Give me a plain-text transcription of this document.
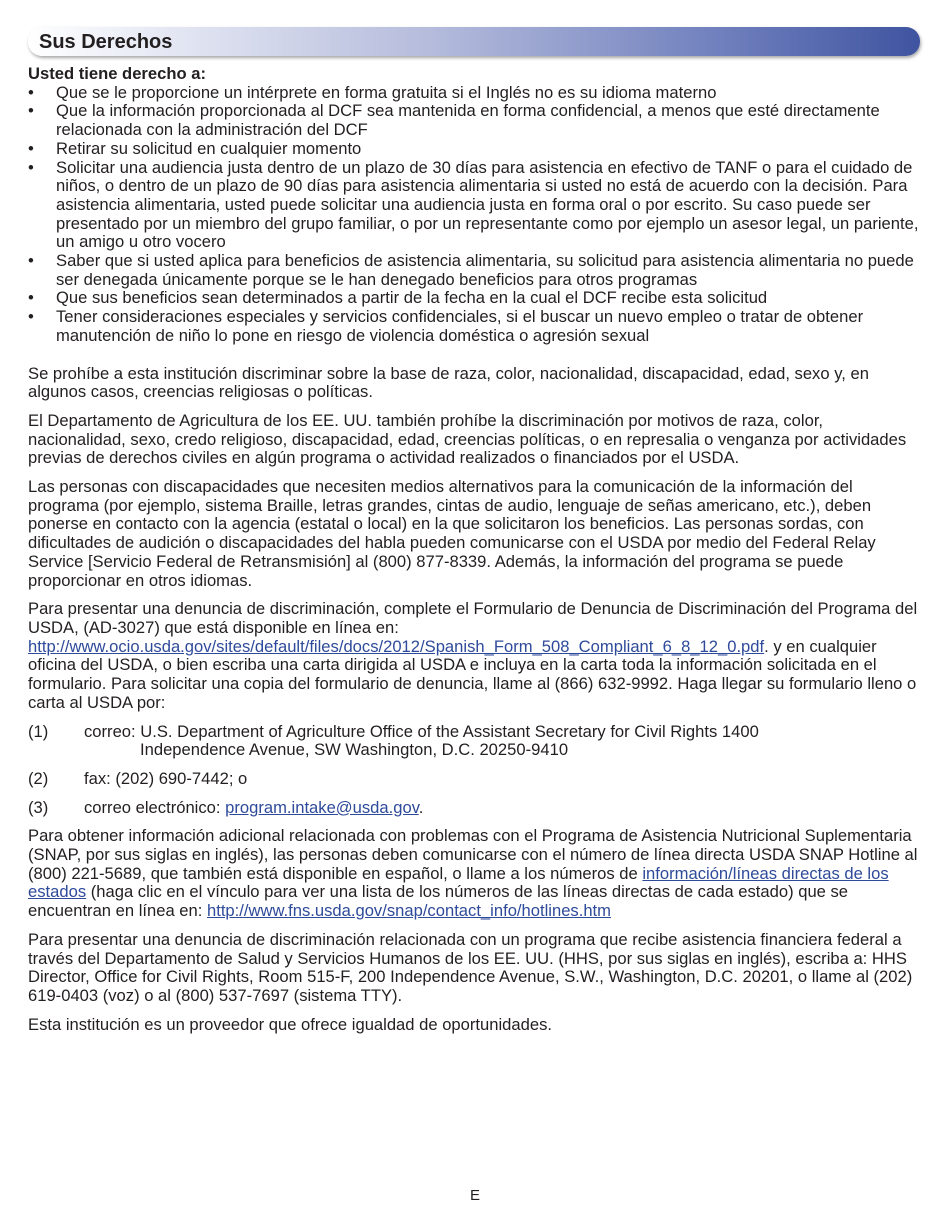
Sus Derechos
Usted tiene derecho a:
• Que se le proporcione un intérprete en forma gratuita si el Inglés no es su idioma materno
• Que la información proporcionada al DCF sea mantenida en forma confidencial, a menos que esté directamente relacionada con la administración del DCF
• Retirar su solicitud en cualquier momento
• Solicitar una audiencia justa dentro de un plazo de 30 días para asistencia en efectivo de TANF o para el cuidado de niños, o dentro de un plazo de 90 días para asistencia alimentaria si usted no está de acuerdo con la decisión. Para asistencia alimentaria, usted puede solicitar una audiencia justa en forma oral o por escrito. Su caso puede ser presentado por un miembro del grupo familiar, o por un representante como por ejemplo un asesor legal, un pariente, un amigo u otro vocero
• Saber que si usted aplica para beneficios de asistencia alimentaria, su solicitud para asistencia alimentaria no puede ser denegada únicamente porque se le han denegado beneficios para otros programas
• Que sus beneficios sean determinados a partir de la fecha en la cual el DCF recibe esta solicitud
• Tener consideraciones especiales y servicios confidenciales, si el buscar un nuevo empleo o tratar de obtener manutención de niño lo pone en riesgo de violencia doméstica o agresión sexual

Se prohíbe a esta institución discriminar sobre la base de raza, color, nacionalidad, discapacidad, edad, sexo y, en algunos casos, creencias religiosas o políticas.

El Departamento de Agricultura de los EE. UU. también prohíbe la discriminación por motivos de raza, color, nacionalidad, sexo, credo religioso, discapacidad, edad, creencias políticas, o en represalia o venganza por actividades previas de derechos civiles en algún programa o actividad realizados o financiados por el USDA.

Las personas con discapacidades que necesiten medios alternativos para la comunicación de la información del programa (por ejemplo, sistema Braille, letras grandes, cintas de audio, lenguaje de señas americano, etc.), deben ponerse en contacto con la agencia (estatal o local) en la que solicitaron los beneficios. Las personas sordas, con dificultades de audición o discapacidades del habla pueden comunicarse con el USDA por medio del Federal Relay Service [Servicio Federal de Retransmisión] al (800) 877-8339. Además, la información del programa se puede proporcionar en otros idiomas.

Para presentar una denuncia de discriminación, complete el Formulario de Denuncia de Discriminación del Programa del USDA, (AD-3027) que está disponible en línea en: http://www.ocio.usda.gov/sites/default/files/docs/2012/Spanish_Form_508_Compliant_6_8_12_0.pdf. y en cualquier oficina del USDA, o bien escriba una carta dirigida al USDA e incluya en la carta toda la información solicitada en el formulario. Para solicitar una copia del formulario de denuncia, llame al (866) 632-9992. Haga llegar su formulario lleno o carta al USDA por:

(1) correo: U.S. Department of Agriculture Office of the Assistant Secretary for Civil Rights 1400
Independence Avenue, SW Washington, D.C. 20250-9410
(2) fax: (202) 690-7442; o
(3) correo electrónico: program.intake@usda.gov.

Para obtener información adicional relacionada con problemas con el Programa de Asistencia Nutricional Suplementaria (SNAP, por sus siglas en inglés), las personas deben comunicarse con el número de línea directa USDA SNAP Hotline al (800) 221-5689, que también está disponible en español, o llame a los números de información/líneas directas de los estados (haga clic en el vínculo para ver una lista de los números de las líneas directas de cada estado) que se encuentran en línea en: http://www.fns.usda.gov/snap/contact_info/hotlines.htm

Para presentar una denuncia de discriminación relacionada con un programa que recibe asistencia financiera federal a través del Departamento de Salud y Servicios Humanos de los EE. UU. (HHS, por sus siglas en inglés), escriba a: HHS Director, Office for Civil Rights, Room 515-F, 200 Independence Avenue, S.W., Washington, D.C. 20201, o llame al (202) 619-0403 (voz) o al (800) 537-7697 (sistema TTY).

Esta institución es un proveedor que ofrece igualdad de oportunidades.

E
